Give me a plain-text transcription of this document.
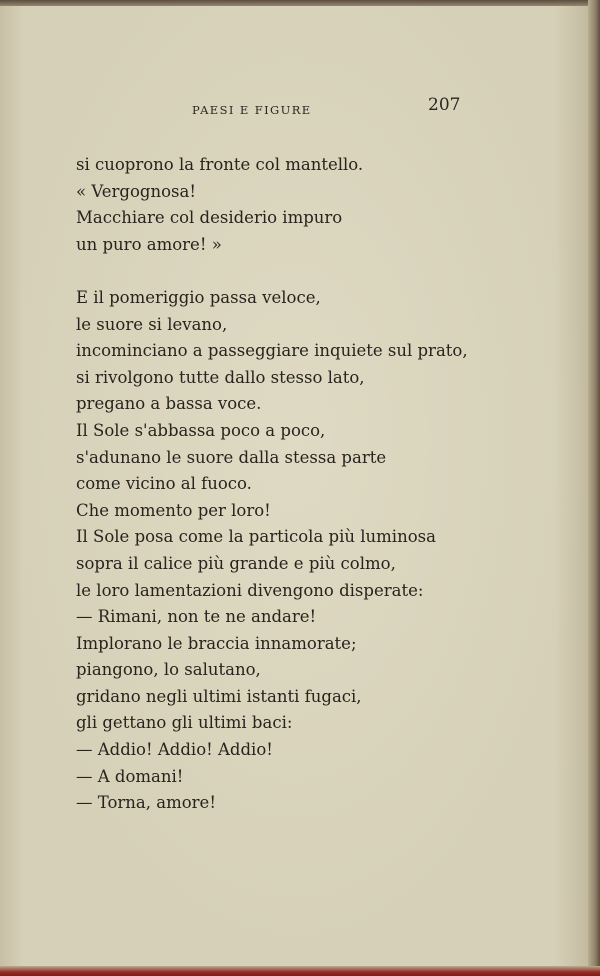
PAESI E FIGURE	207
si cuoprono la fronte col mantello.
« Vergognosa!
Macchiare col desiderio impuro
un puro amore! »
E il pomeriggio passa veloce,
le suore si levano,
incominciano a passeggiare inquiete sul prato,
si rivolgono tutte dallo stesso lato,
pregano a bassa voce.
Il Sole s'abbassa poco a poco,
s'adunano le suore dalla stessa parte
come vicino al fuoco.
Che momento per loro!
Il Sole posa come la particola più luminosa
sopra il calice più grande e più colmo,
le loro lamentazioni divengono disperate:
— Rimani, non te ne andare!
Implorano le braccia innamorate;
piangono, lo salutano,
gridano negli ultimi istanti fugaci,
gli gettano gli ultimi baci:
— Addio! Addio! Addio!
— A domani!
— Torna, amore!
